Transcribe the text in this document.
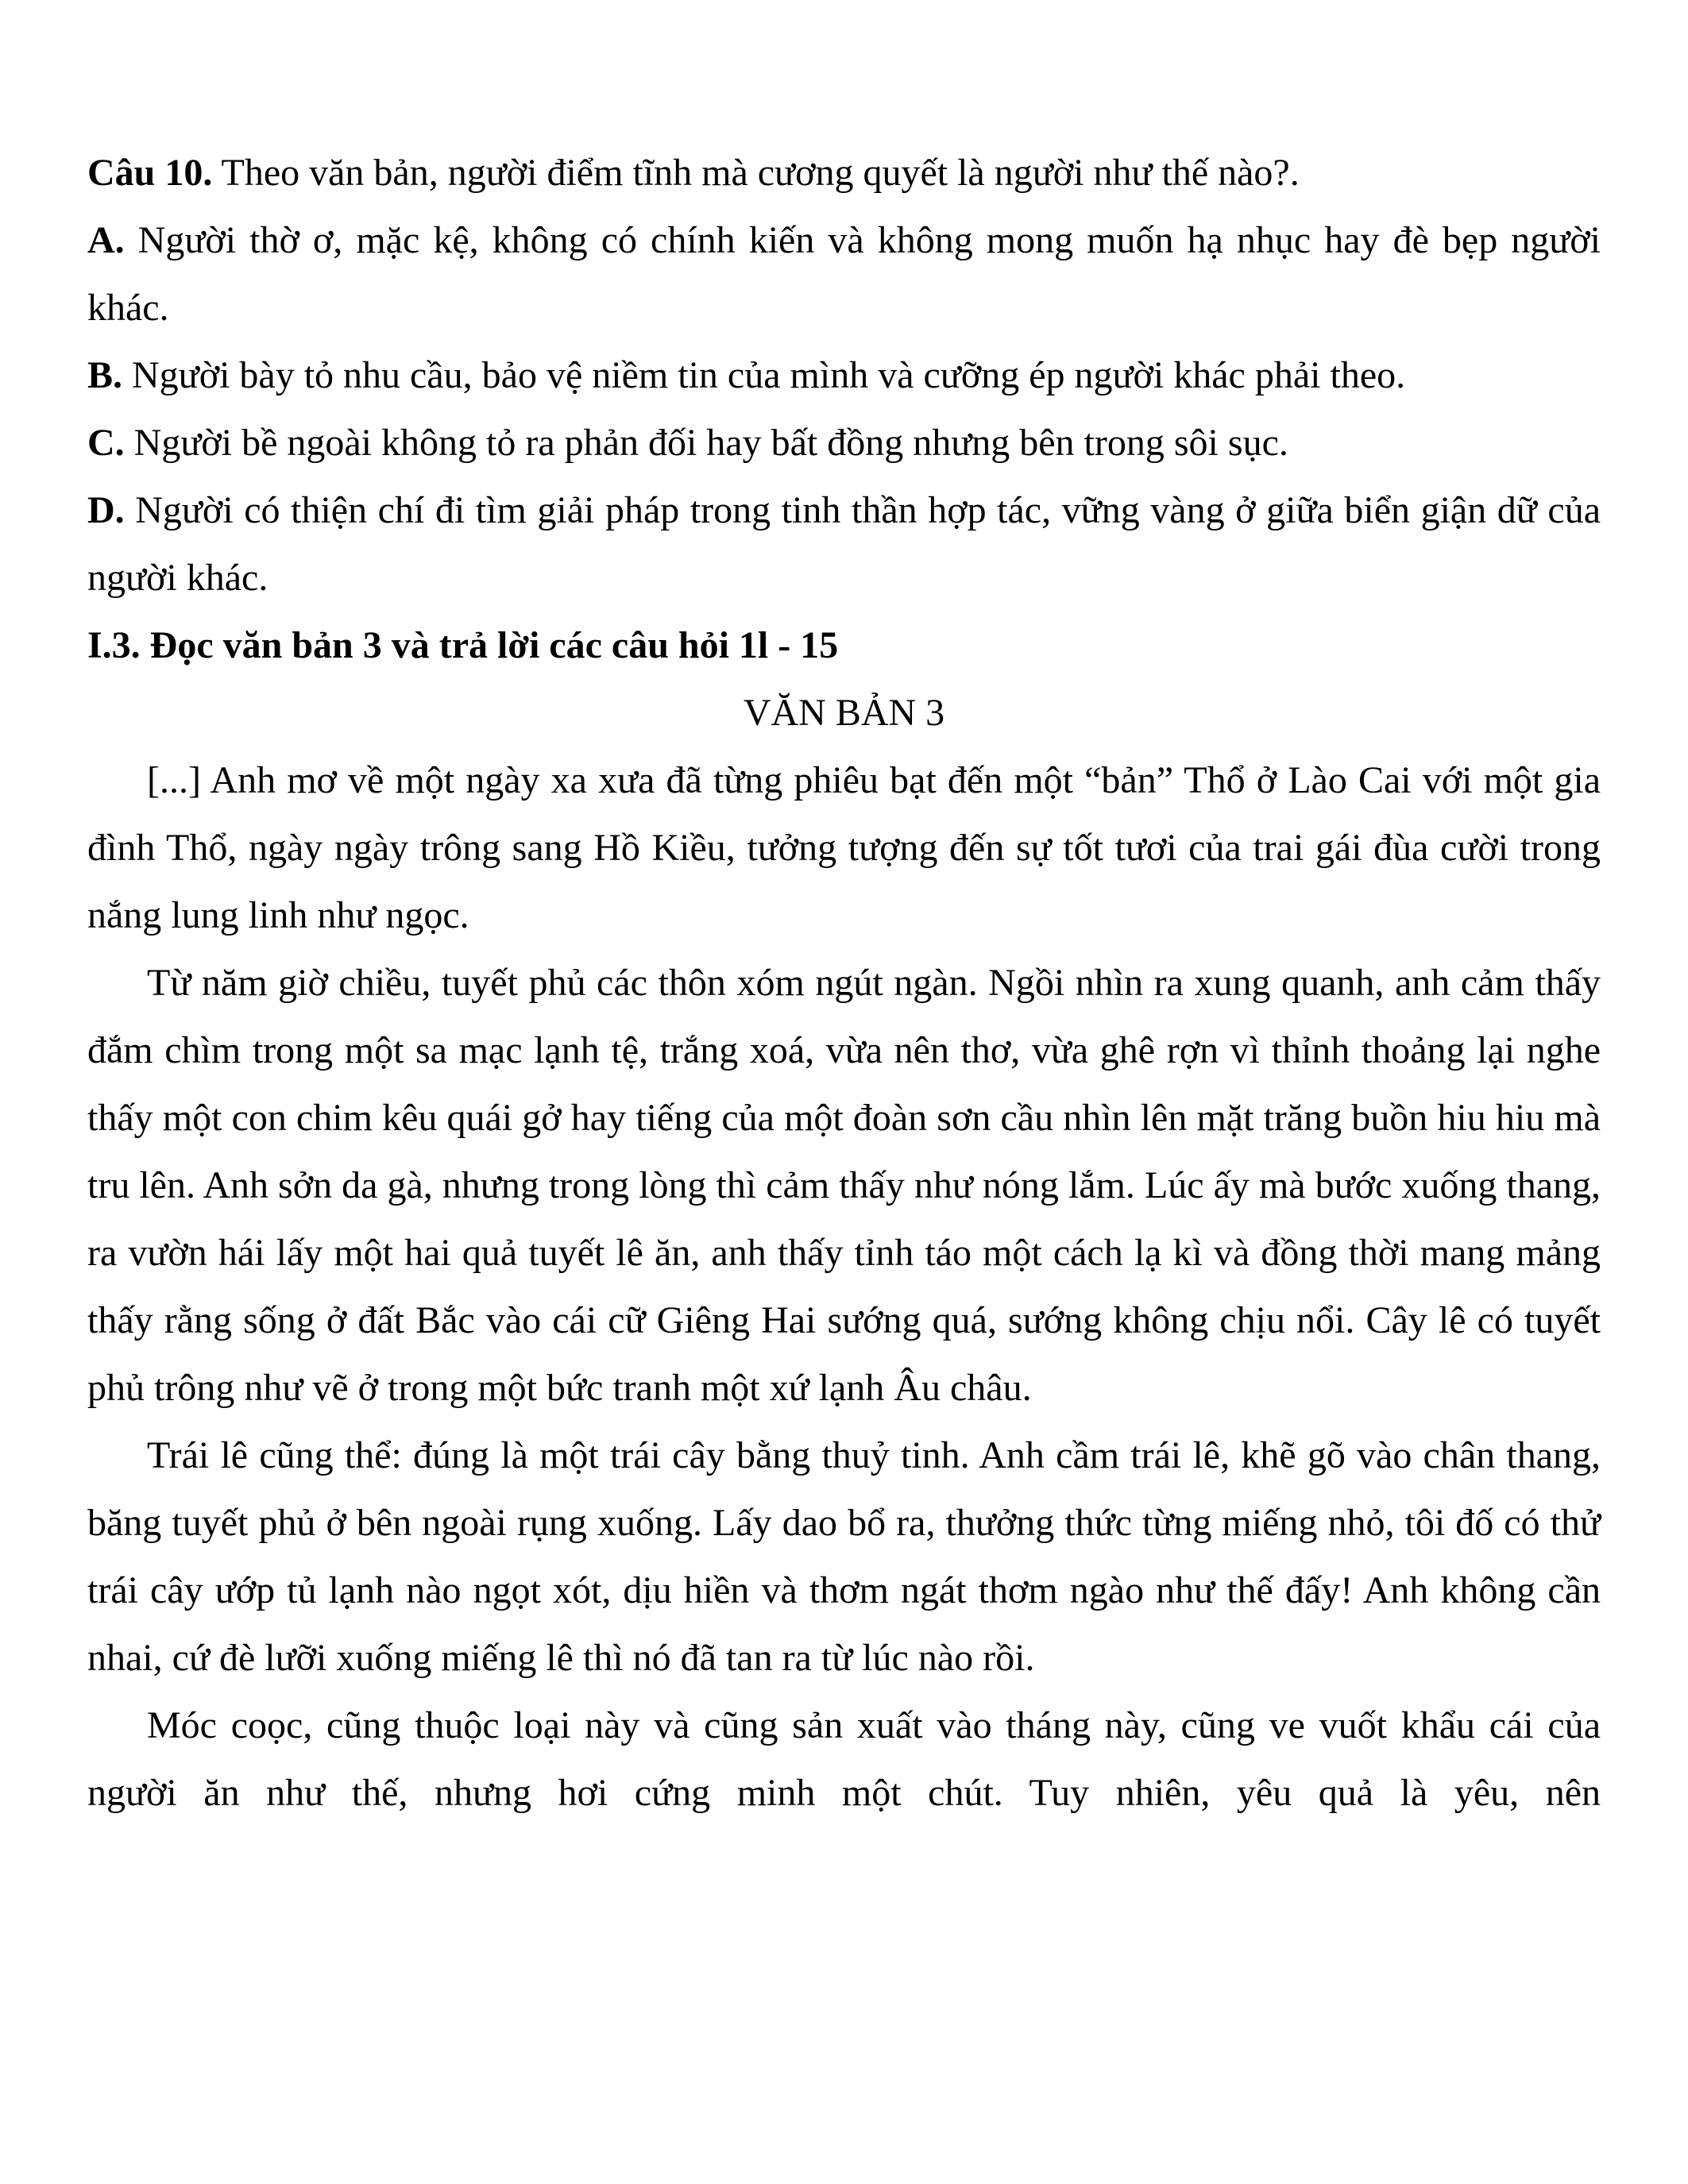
Câu 10. Theo văn bản, người điểm tĩnh mà cương quyết là người như thế nào?.

A. Người thờ ơ, mặc kệ, không có chính kiến và không mong muốn hạ nhục hay đè bẹp người khác.

B. Người bày tỏ nhu cầu, bảo vệ niềm tin của mình và cưỡng ép người khác phải theo.

C. Người bề ngoài không tỏ ra phản đối hay bất đồng nhưng bên trong sôi sục.

D. Người có thiện chí đi tìm giải pháp trong tinh thần hợp tác, vững vàng ở giữa biển giận dữ của người khác.

I.3. Đọc văn bản 3 và trả lời các câu hỏi 1l - 15

VĂN BẢN 3

[...] Anh mơ về một ngày xa xưa đã từng phiêu bạt đến một “bản” Thổ ở Lào Cai với một gia đình Thổ, ngày ngày trông sang Hồ Kiều, tưởng tượng đến sự tốt tươi của trai gái đùa cười trong nắng lung linh như ngọc.

Từ năm giờ chiều, tuyết phủ các thôn xóm ngút ngàn. Ngồi nhìn ra xung quanh, anh cảm thấy đắm chìm trong một sa mạc lạnh tệ, trắng xoá, vừa nên thơ, vừa ghê rợn vì thỉnh thoảng lại nghe thấy một con chim kêu quái gở hay tiếng của một đoàn sơn cầu nhìn lên mặt trăng buồn hiu hiu mà tru lên. Anh sởn da gà, nhưng trong lòng thì cảm thấy như nóng lắm. Lúc ấy mà bước xuống thang, ra vườn hái lấy một hai quả tuyết lê ăn, anh thấy tỉnh táo một cách lạ kì và đồng thời mang mảng thấy rằng sống ở đất Bắc vào cái cữ Giêng Hai sướng quá, sướng không chịu nổi. Cây lê có tuyết phủ trông như vẽ ở trong một bức tranh một xứ lạnh Âu châu.

Trái lê cũng thể: đúng là một trái cây bằng thuỷ tinh. Anh cầm trái lê, khẽ gõ vào chân thang, băng tuyết phủ ở bên ngoài rụng xuống. Lấy dao bổ ra, thưởng thức từng miếng nhỏ, tôi đố có thử trái cây ướp tủ lạnh nào ngọt xót, dịu hiền và thơm ngát thơm ngào như thế đấy! Anh không cần nhai, cứ đè lưỡi xuống miếng lê thì nó đã tan ra từ lúc nào rồi.

Móc coọc, cũng thuộc loại này và cũng sản xuất vào tháng này, cũng ve vuốt khẩu cái của người ăn như thế, nhưng hơi cứng minh một chút. Tuy nhiên, yêu quả là yêu, nên
